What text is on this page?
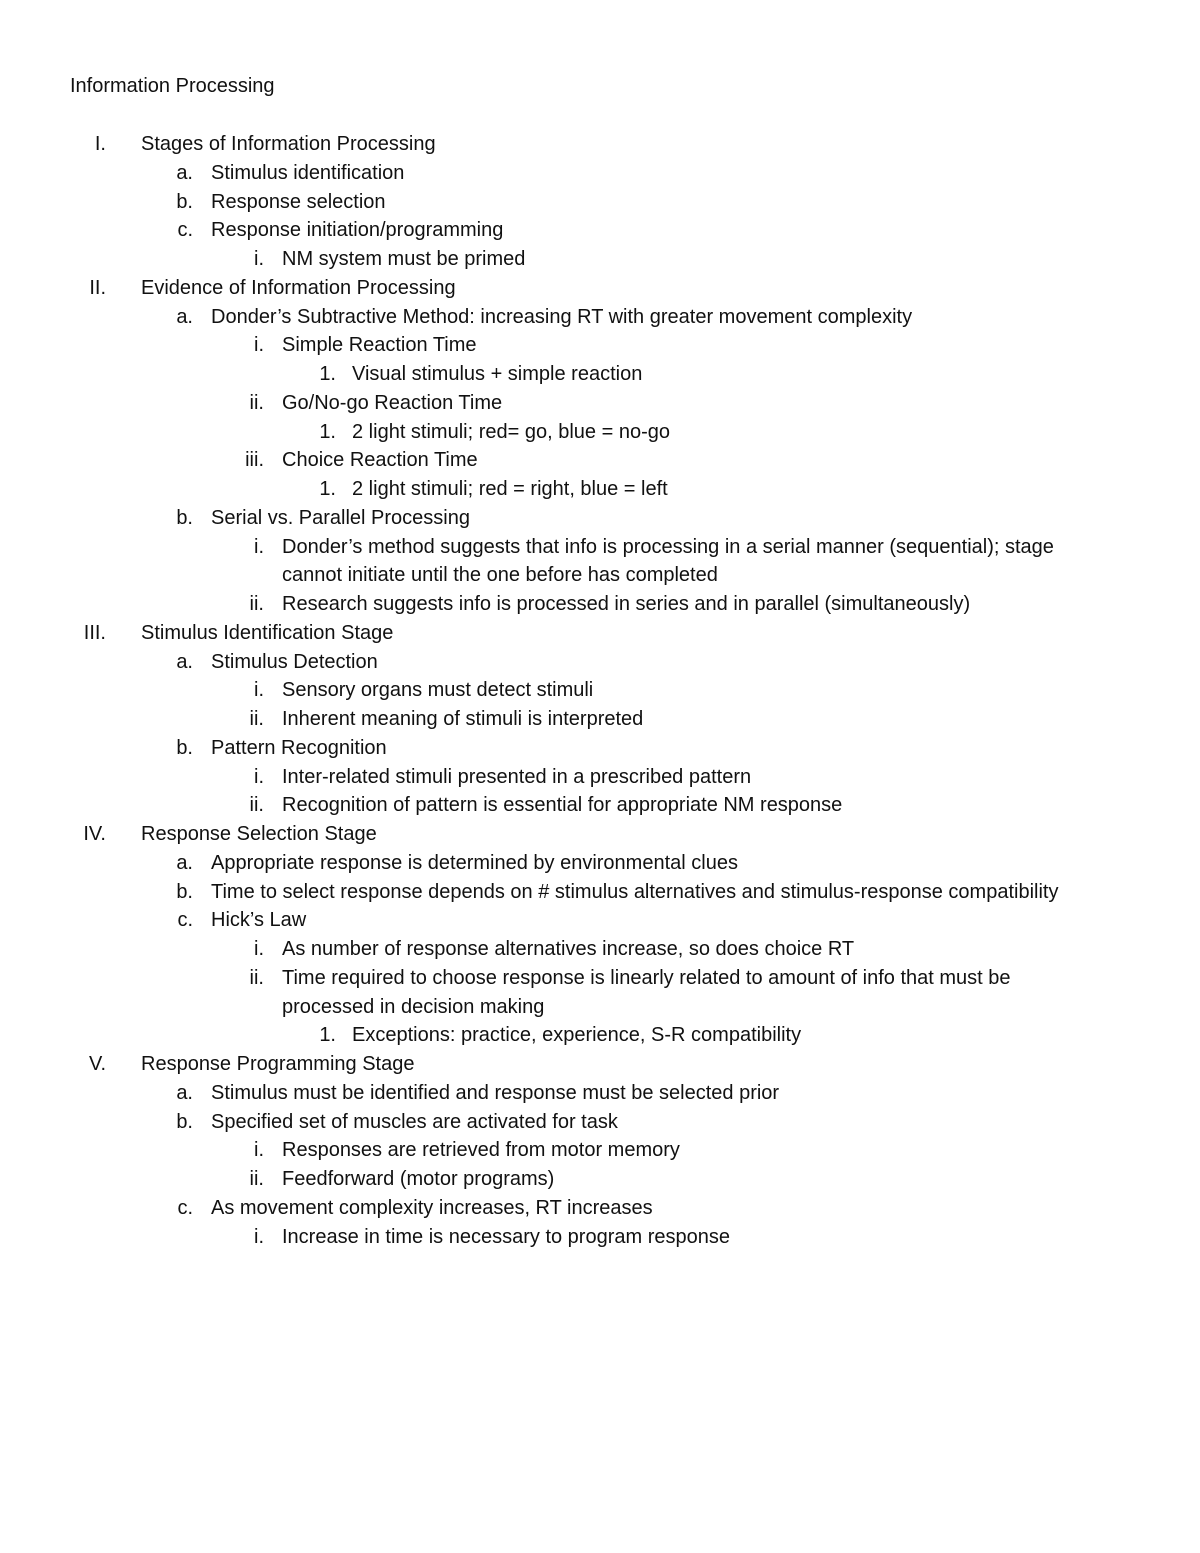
Information Processing
I. Stages of Information Processing
a. Stimulus identification
b. Response selection
c. Response initiation/programming
i. NM system must be primed
II. Evidence of Information Processing
a. Donder’s Subtractive Method: increasing RT with greater movement complexity
i. Simple Reaction Time
1. Visual stimulus + simple reaction
ii. Go/No-go Reaction Time
1. 2 light stimuli; red= go, blue = no-go
iii. Choice Reaction Time
1. 2 light stimuli; red = right, blue = left
b. Serial vs. Parallel Processing
i. Donder’s method suggests that info is processing in a serial manner (sequential); stage
cannot initiate until the one before has completed
ii. Research suggests info is processed in series and in parallel (simultaneously)
III. Stimulus Identification Stage
a. Stimulus Detection
i. Sensory organs must detect stimuli
ii. Inherent meaning of stimuli is interpreted
b. Pattern Recognition
i. Inter-related stimuli presented in a prescribed pattern
ii. Recognition of pattern is essential for appropriate NM response
IV. Response Selection Stage
a. Appropriate response is determined by environmental clues
b. Time to select response depends on # stimulus alternatives and stimulus-response compatibility
c. Hick’s Law
i. As number of response alternatives increase, so does choice RT
ii. Time required to choose response is linearly related to amount of info that must be
processed in decision making
1. Exceptions: practice, experience, S-R compatibility
V. Response Programming Stage
a. Stimulus must be identified and response must be selected prior
b. Specified set of muscles are activated for task
i. Responses are retrieved from motor memory
ii. Feedforward (motor programs)
c. As movement complexity increases, RT increases
i. Increase in time is necessary to program response
